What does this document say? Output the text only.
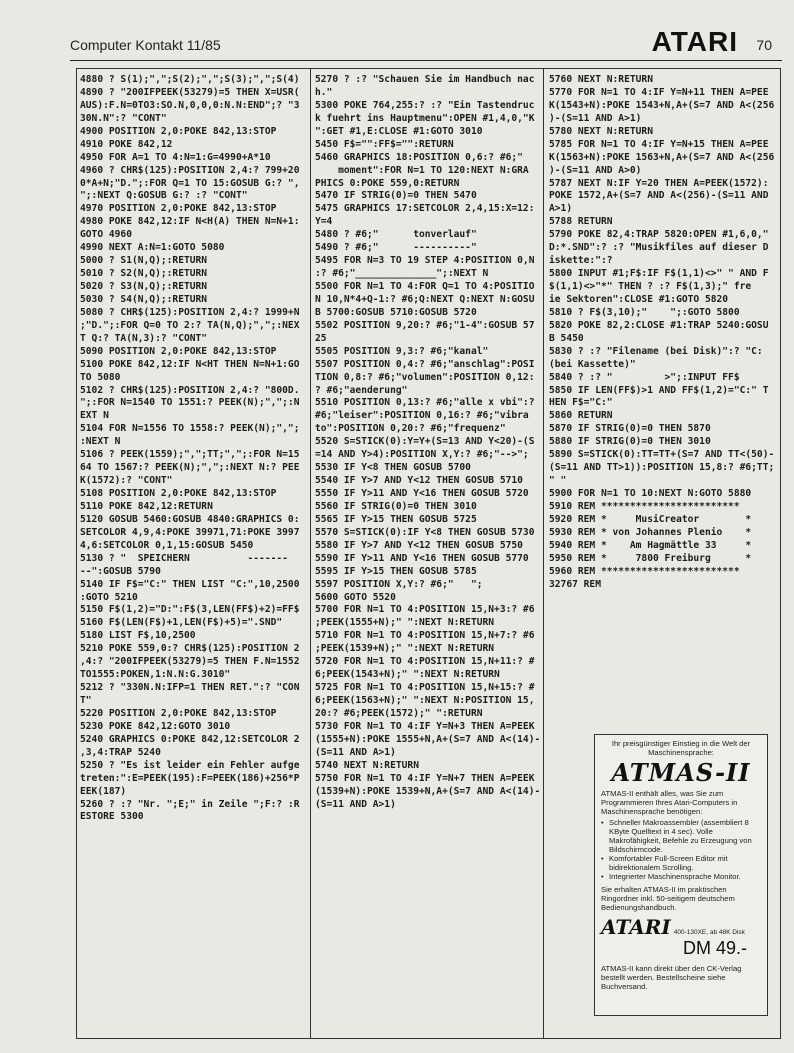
Computer Kontakt 11/85	ATARI 70
4880 ? S(1);",";S(2);",";S(3);",";S(4)
4890 ? "200IFPEEK(53279)=5 THEN X=USR(
AUS):F.N=0TO3:SO.N,0,0,0:N.N:END";? "3
30N.N":? "CONT"
4900 POSITION 2,0:POKE 842,13:STOP
4910 POKE 842,12
4950 FOR A=1 TO 4:N=1:G=4990+A*10
4960 ? CHR$(125):POSITION 2,4:? 799+20
0*A+N;"D.";:FOR Q=1 TO 15:GOSUB G:? ",
";:NEXT Q:GOSUB G:? :? "CONT"
4970 POSITION 2,0:POKE 842,13:STOP
4980 POKE 842,12:IF N<H(A) THEN N=N+1:
GOTO 4960
4990 NEXT A:N=1:GOTO 5080
5000 ? S1(N,Q);:RETURN
5010 ? S2(N,Q);:RETURN
5020 ? S3(N,Q);:RETURN
5030 ? S4(N,Q);:RETURN
5080 ? CHR$(125):POSITION 2,4:? 1999+N
;"D.";:FOR Q=0 TO 2:? TA(N,Q);",";:NEX
T Q:? TA(N,3):? "CONT"
5090 POSITION 2,0:POKE 842,13:STOP
5100 POKE 842,12:IF N<HT THEN N=N+1:GO
TO 5080
5102 ? CHR$(125):POSITION 2,4:? "800D.
";:FOR N=1540 TO 1551:? PEEK(N);",";:N
EXT N
5104 FOR N=1556 TO 1558:? PEEK(N);",";
:NEXT N
5106 ? PEEK(1559);",";TT;",";:FOR N=15
64 TO 1567:? PEEK(N);",";:NEXT N:? PEE
K(1572):? "CONT"
5108 POSITION 2,0:POKE 842,13:STOP
5110 POKE 842,12:RETURN
5120 GOSUB 5460:GOSUB 4840:GRAPHICS 0:
SETCOLOR 4,9,4:POKE 39971,71:POKE 3997
4,6:SETCOLOR 0,1,15:GOSUB 5450
5130 ? "  SPEICHERN          -------
--":GOSUB 5790
5140 IF F$="C:" THEN LIST "C:",10,2500
:GOTO 5210
5150 F$(1,2)="D:":F$(3,LEN(FF$)+2)=FF$
5160 F$(LEN(F$)+1,LEN(F$)+5)=".SND"
5180 LIST F$,10,2500
5210 POKE 559,0:? CHR$(125):POSITION 2
,4:? "200IFPEEK(53279)=5 THEN F.N=1552
TO1555:POKEN,1:N.N:G.3010"
5212 ? "330N.N:IFP=1 THEN RET.":? "CON
T"
5220 POSITION 2,0:POKE 842,13:STOP
5230 POKE 842,12:GOTO 3010
5240 GRAPHICS 0:POKE 842,12:SETCOLOR 2
,3,4:TRAP 5240
5250 ? "Es ist leider ein Fehler aufge
treten:":E=PEEK(195):F=PEEK(186)+256*P
EEK(187)
5260 ? :? "Nr. ";E;" in Zeile ";F:? :R
ESTORE 5300
5270 ? :? "Schauen Sie im Handbuch nac
h."
5300 POKE 764,255:? :? "Ein Tastendruc
k fuehrt ins Hauptmenu":OPEN #1,4,0,"K
":GET #1,E:CLOSE #1:GOTO 3010
5450 F$="":FF$="":RETURN
5460 GRAPHICS 18:POSITION 0,6:? #6;"
moment":FOR N=1 TO 120:NEXT N:GRA
PHICS 0:POKE 559,0:RETURN
5470 IF STRIG(0)=0 THEN 5470
5475 GRAPHICS 17:SETCOLOR 2,4,15:X=12:
Y=4
5480 ? #6;"      tonverlauf"
5490 ? #6;"      ----------"
5495 FOR N=3 TO 19 STEP 4:POSITION 0,N
:? #6;"______________";:NEXT N
5500 FOR N=1 TO 4:FOR Q=1 TO 4:POSITIO
N 10,N*4+Q-1:? #6;Q:NEXT Q:NEXT N:GOSU
B 5700:GOSUB 5710:GOSUB 5720
5502 POSITION 9,20:? #6;"1-4":GOSUB 57
25
5505 POSITION 9,3:? #6;"kanal"
5507 POSITION 0,4:? #6;"anschlag":POSI
TION 0,8:? #6;"volumen":POSITION 0,12:
? #6;"aenderung"
5510 POSITION 0,13:? #6;"alle x vbi":?
#6;"leiser":POSITION 0,16:? #6;"vibra
to":POSITION 0,20:? #6;"frequenz"
5520 S=STICK(0):Y=Y+(S=13 AND Y<20)-(S
=14 AND Y>4):POSITION X,Y:? #6;"-->";
5530 IF Y<8 THEN GOSUB 5700
5540 IF Y>7 AND Y<12 THEN GOSUB 5710
5550 IF Y>11 AND Y<16 THEN GOSUB 5720
5560 IF STRIG(0)=0 THEN 3010
5565 IF Y>15 THEN GOSUB 5725
5570 S=STICK(0):IF Y<8 THEN GOSUB 5730
5580 IF Y>7 AND Y<12 THEN GOSUB 5750
5590 IF Y>11 AND Y<16 THEN GOSUB 5770
5595 IF Y>15 THEN GOSUB 5785
5597 POSITION X,Y:? #6;"   ";
5600 GOTO 5520
5700 FOR N=1 TO 4:POSITION 15,N+3:? #6
;PEEK(1555+N);" ":NEXT N:RETURN
5710 FOR N=1 TO 4:POSITION 15,N+7:? #6
;PEEK(1539+N);" ":NEXT N:RETURN
5720 FOR N=1 TO 4:POSITION 15,N+11:? #
6;PEEK(1543+N);" ":NEXT N:RETURN
5725 FOR N=1 TO 4:POSITION 15,N+15:? #
6;PEEK(1563+N);" ":NEXT N:POSITION 15,
20:? #6;PEEK(1572);" ":RETURN
5730 FOR N=1 TO 4:IF Y=N+3 THEN A=PEEK
(1555+N):POKE 1555+N,A+(S=7 AND A<(14)-
(S=11 AND A>1)
5740 NEXT N:RETURN
5750 FOR N=1 TO 4:IF Y=N+7 THEN A=PEEK
(1539+N):POKE 1539+N,A+(S=7 AND A<(14)-
(S=11 AND A>1)
5760 NEXT N:RETURN
5770 FOR N=1 TO 4:IF Y=N+11 THEN A=PEE
K(1543+N):POKE 1543+N,A+(S=7 AND A<(256
)-(S=11 AND A>1)
5780 NEXT N:RETURN
5785 FOR N=1 TO 4:IF Y=N+15 THEN A=PEE
K(1563+N):POKE 1563+N,A+(S=7 AND A<(256
)-(S=11 AND A>0)
5787 NEXT N:IF Y=20 THEN A=PEEK(1572):
POKE 1572,A+(S=7 AND A<(256)-(S=11 AND
A>1)
5788 RETURN
5790 POKE 82,4:TRAP 5820:OPEN #1,6,0,"
D:*.SND":? :? "Musikfiles auf dieser D
iskette:":?
5800 INPUT #1;F$:IF F$(1,1)<>" " AND F
$(1,1)<>"*" THEN ? :? F$(1,3);" fre
ie Sektoren":CLOSE #1:GOTO 5820
5810 ? F$(3,10);"    ";:GOTO 5800
5820 POKE 82,2:CLOSE #1:TRAP 5240:GOSU
B 5450
5830 ? :? "Filename (bei Disk)":? "C:
(bei Kassette)"
5840 ? :? "         >";:INPUT FF$
5850 IF LEN(FF$)>1 AND FF$(1,2)="C:" T
HEN F$="C:"
5860 RETURN
5870 IF STRIG(0)=0 THEN 5870
5880 IF STRIG(0)=0 THEN 3010
5890 S=STICK(0):TT=TT+(S=7 AND TT<(50)-
(S=11 AND TT>1)):POSITION 15,8:? #6;TT;
" "
5900 FOR N=1 TO 10:NEXT N:GOTO 5880
5910 REM ************************
5920 REM *     MusiCreator        *
5930 REM * von Johannes Plenio    *
5940 REM *    Am Hagmättle 33     *
5950 REM *     7800 Freiburg      *
5960 REM ************************
32767 REM
Ihr preisgünstiger Einstieg in die Welt der Maschinensprache:
ATMAS-II
ATMAS-II enthält alles, was Sie zum Programmieren Ihres Atari-Computers in Maschinensprache benötigen:
• Schneller Makroassembler (assembliert 8 KByte Quelltext in 4 sec). Volle Makrofähigkeit, Befehle zu Erzeugung von Bildschirmcode.
• Komfortabler Full-Screen Editor mit bidirektionalem Scrolling.
• Integrierter Maschinensprache Monitor.
Sie erhalten ATMAS-II im praktischen Ringordner inkl. 50-seitigem deutschem Bedienungshandbuch.
ATARI 400-130XE, ab 48K Disk
DM 49.-
ATMAS-II kann direkt über den CK-Verlag bestellt werden. Bestellscheine siehe Buchversand.
